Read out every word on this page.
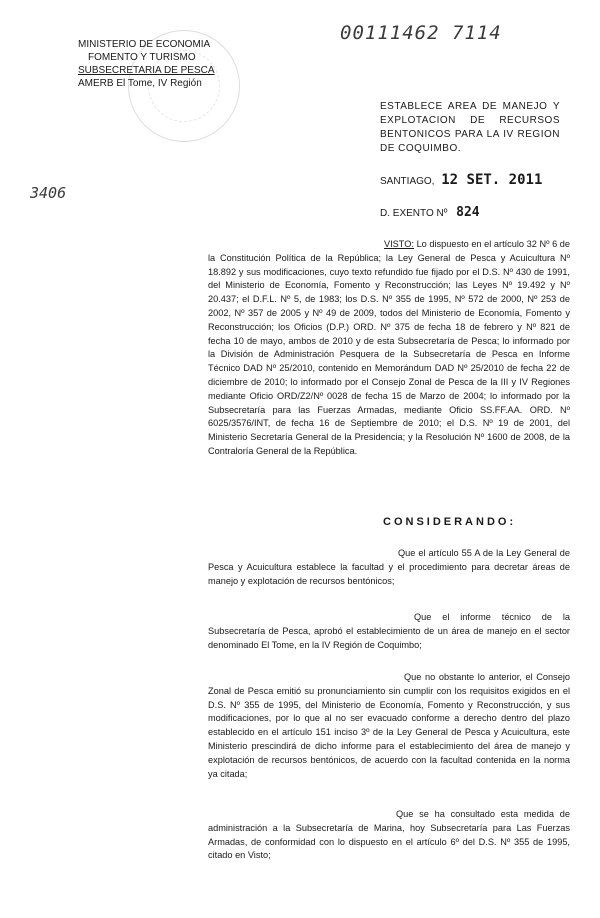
00111462 7114
3406
MINISTERIO DE ECONOMIA
FOMENTO Y TURISMO
SUBSECRETARIA DE PESCA
AMERB El Tome, IV Región
ESTABLECE AREA DE MANEJO Y EXPLOTACION DE RECURSOS BENTONICOS PARA LA IV REGION DE COQUIMBO.
SANTIAGO, 12 SET. 2011
D. EXENTO Nº 824
VISTO: Lo dispuesto en el artículo 32 Nº 6 de la Constitución Política de la República; la Ley General de Pesca y Acuicultura Nº 18.892 y sus modificaciones, cuyo texto refundido fue fijado por el D.S. Nº 430 de 1991, del Ministerio de Economía, Fomento y Reconstrucción; las Leyes Nº 19.492 y Nº 20.437; el D.F.L. Nº 5, de 1983; los D.S. Nº 355 de 1995, Nº 572 de 2000, Nº 253 de 2002, Nº 357 de 2005 y Nº 49 de 2009, todos del Ministerio de Economía, Fomento y Reconstrucción; los Oficios (D.P.) ORD. Nº 375 de fecha 18 de febrero y Nº 821 de fecha 10 de mayo, ambos de 2010 y de esta Subsecretaría de Pesca; lo informado por la División de Administración Pesquera de la Subsecretaría de Pesca en Informe Técnico DAD Nº 25/2010, contenido en Memorándum DAD Nº 25/2010 de fecha 22 de diciembre de 2010; lo informado por el Consejo Zonal de Pesca de la III y IV Regiones mediante Oficio ORD/Z2/Nº 0028 de fecha 15 de Marzo de 2004; lo informado por la Subsecretaría para las Fuerzas Armadas, mediante Oficio SS.FF.AA. ORD. Nº 6025/3576/INT, de fecha 16 de Septiembre de 2010; el D.S. Nº 19 de 2001, del Ministerio Secretaría General de la Presidencia; y la Resolución Nº 1600 de 2008, de la Contraloría General de la República.
CONSIDERANDO:
Que el artículo 55 A de la Ley General de Pesca y Acuicultura establece la facultad y el procedimiento para decretar áreas de manejo y explotación de recursos bentónicos;
Que el informe técnico de la Subsecretaría de Pesca, aprobó el establecimiento de un área de manejo en el sector denominado El Tome, en la IV Región de Coquimbo;
Que no obstante lo anterior, el Consejo Zonal de Pesca emitió su pronunciamiento sin cumplir con los requisitos exigidos en el D.S. Nº 355 de 1995, del Ministerio de Economía, Fomento y Reconstrucción, y sus modificaciones, por lo que al no ser evacuado conforme a derecho dentro del plazo establecido en el artículo 151 inciso 3º de la Ley General de Pesca y Acuicultura, este Ministerio prescindirá de dicho informe para el establecimiento del área de manejo y explotación de recursos bentónicos, de acuerdo con la facultad contenida en la norma ya citada;
Que se ha consultado esta medida de administración a la Subsecretaría de Marina, hoy Subsecretaría para Las Fuerzas Armadas, de conformidad con lo dispuesto en el artículo 6º del D.S. Nº 355 de 1995, citado en Visto;
